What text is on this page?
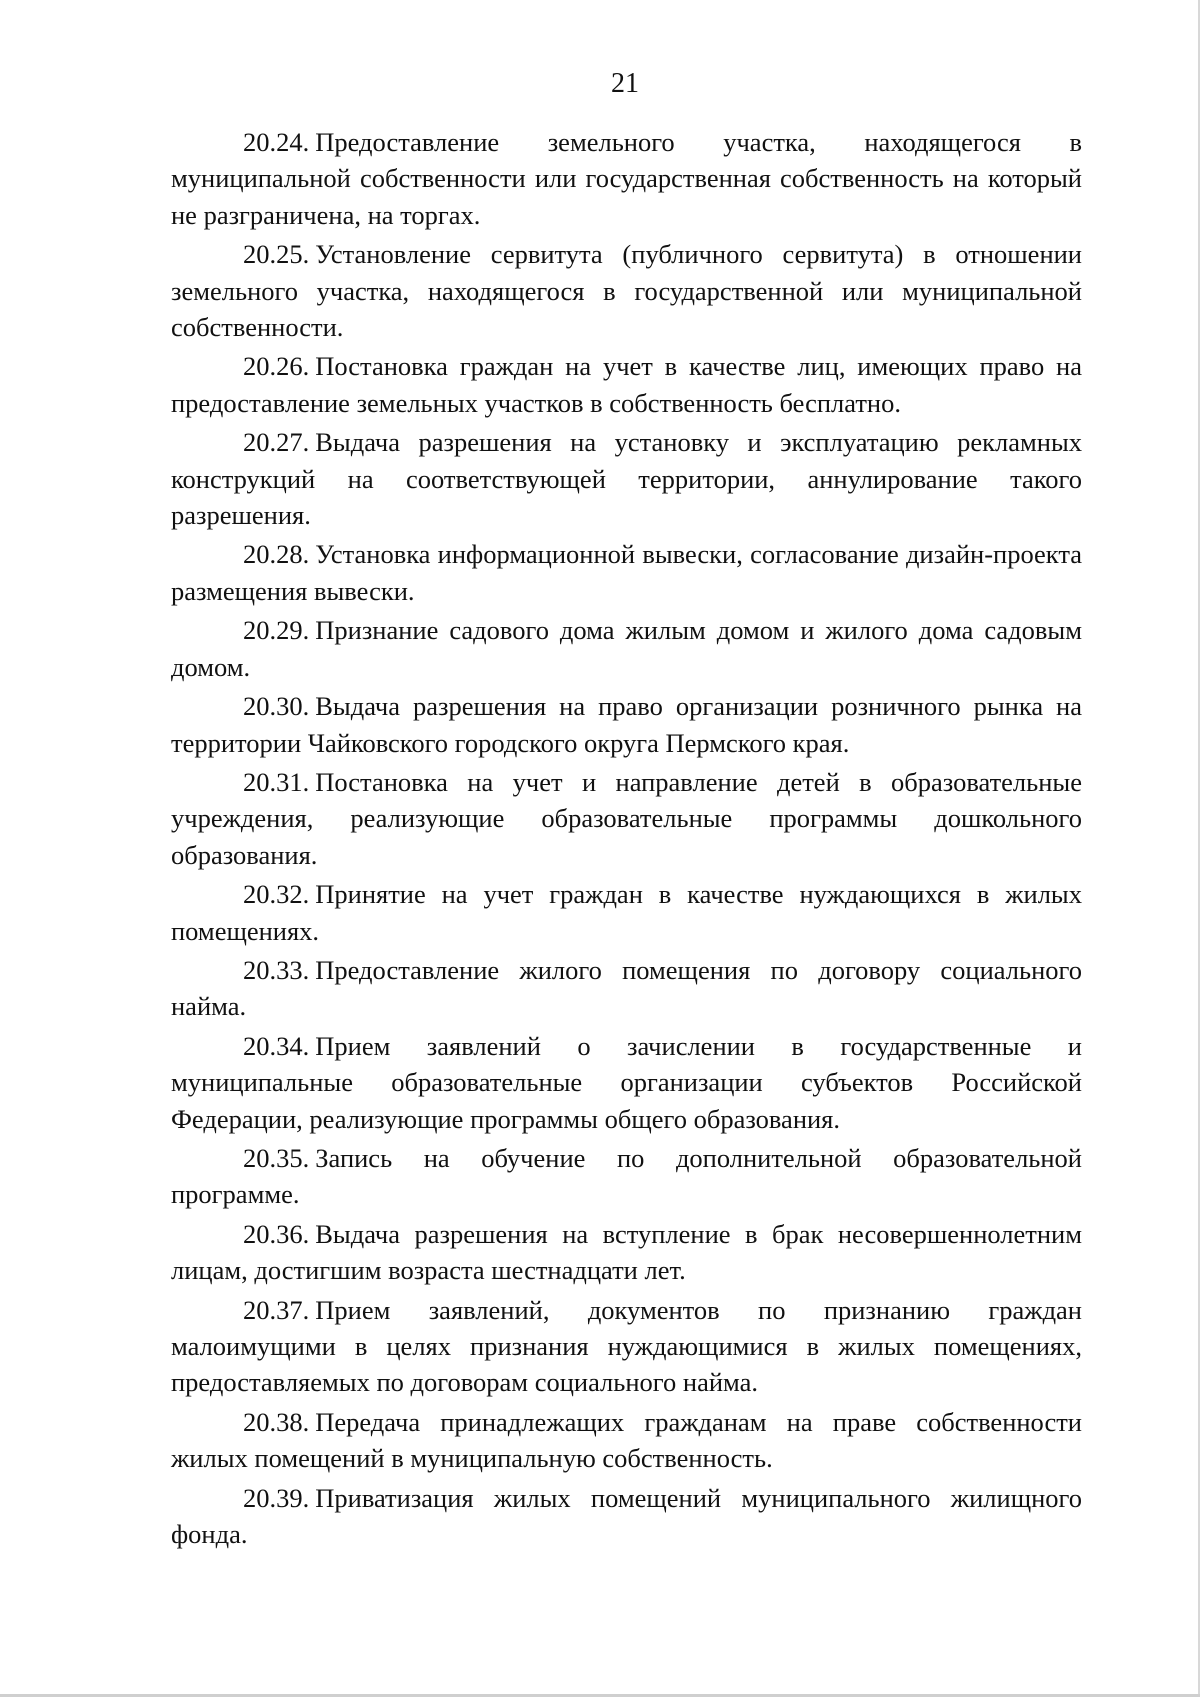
21

20.24. Предоставление земельного участка, находящегося в муниципальной собственности или государственная собственность на который не разграничена, на торгах.

20.25. Установление сервитута (публичного сервитута) в отношении земельного участка, находящегося в государственной или муниципальной собственности.

20.26. Постановка граждан на учет в качестве лиц, имеющих право на предоставление земельных участков в собственность бесплатно.

20.27. Выдача разрешения на установку и эксплуатацию рекламных конструкций на соответствующей территории, аннулирование такого разрешения.

20.28. Установка информационной вывески, согласование дизайн-проекта размещения вывески.

20.29. Признание садового дома жилым домом и жилого дома садовым домом.

20.30. Выдача разрешения на право организации розничного рынка на территории Чайковского городского округа Пермского края.

20.31. Постановка на учет и направление детей в образовательные учреждения, реализующие образовательные программы дошкольного образования.

20.32. Принятие на учет граждан в качестве нуждающихся в жилых помещениях.

20.33. Предоставление жилого помещения по договору социального найма.

20.34. Прием заявлений о зачислении в государственные и муниципальные образовательные организации субъектов Российской Федерации, реализующие программы общего образования.

20.35. Запись на обучение по дополнительной образовательной программе.

20.36. Выдача разрешения на вступление в брак несовершеннолетним лицам, достигшим возраста шестнадцати лет.

20.37. Прием заявлений, документов по признанию граждан малоимущими в целях признания нуждающимися в жилых помещениях, предоставляемых по договорам социального найма.

20.38. Передача принадлежащих гражданам на праве собственности жилых помещений в муниципальную собственность.

20.39. Приватизация жилых помещений муниципального жилищного фонда.
